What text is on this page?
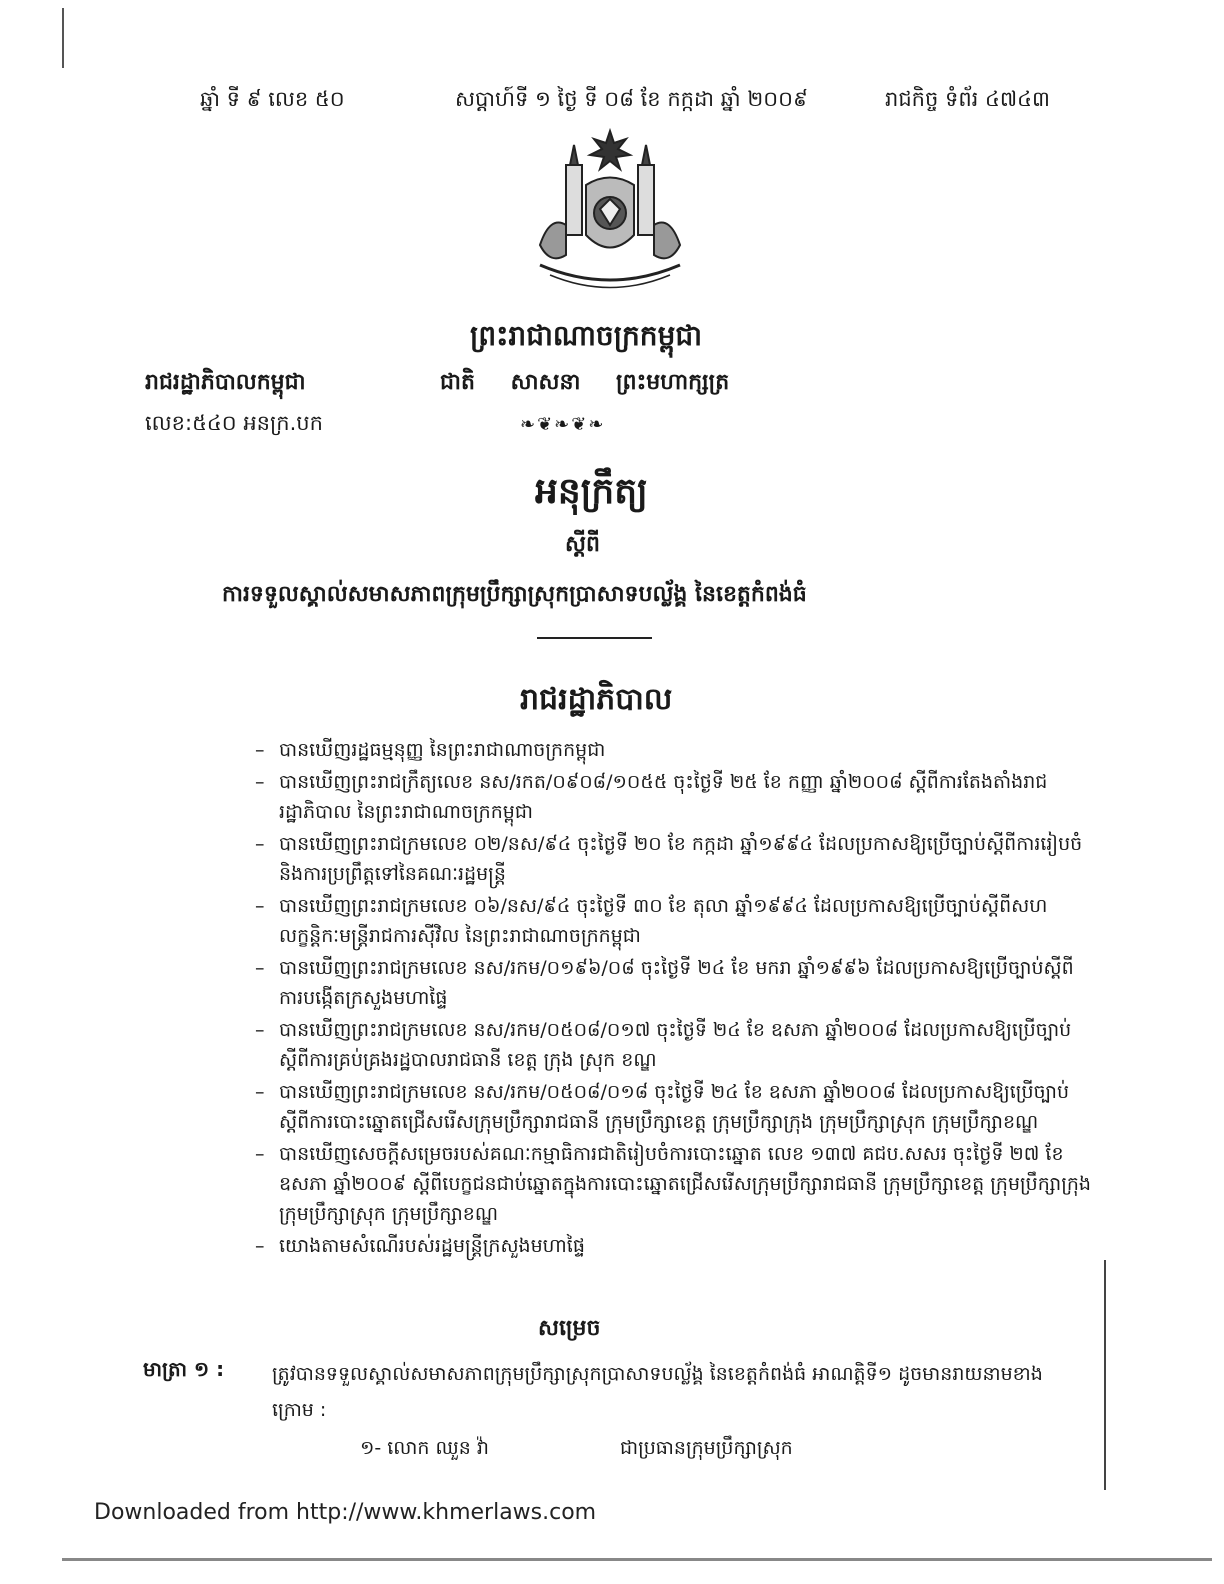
ឆ្នាំ ទី ៩ លេខ ៥០	សប្តាហ៍ទី ១ ថ្ងៃ ទី ០៨ ខែ កក្កដា ឆ្នាំ ២០០៩	រាជកិច្ច ទំព័រ ៤៧៤៣
ព្រះរាជាណាចក្រកម្ពុជា
រាជរដ្ឋាភិបាលកម្ពុជា	ជាតិ សាសនា ព្រះមហាក្សត្រ
លេខ:៥៤០ អនក្រ.បក	❧❦❧❦❧
អនុក្រឹត្យ
ស្តីពី
ការទទួលស្គាល់សមាសភាពក្រុមប្រឹក្សាស្រុកប្រាសាទបល្ល័ង្គ នៃខេត្តកំពង់ធំ
រាជរដ្ឋាភិបាល
– បានឃើញរដ្ឋធម្មនុញ្ញ នៃព្រះរាជាណាចក្រកម្ពុជា
– បានឃើញព្រះរាជក្រឹត្យលេខ នស/រកត/០៩០៨/១០៥៥ ចុះថ្ងៃទី ២៥ ខែ កញ្ញា ឆ្នាំ២០០៨ ស្តីពីការតែងតាំងរាជរដ្ឋាភិបាល នៃព្រះរាជាណាចក្រកម្ពុជា
– បានឃើញព្រះរាជក្រមលេខ ០២/នស/៩៤ ចុះថ្ងៃទី ២០ ខែ កក្កដា ឆ្នាំ១៩៩៤ ដែលប្រកាសឱ្យប្រើច្បាប់ស្តីពីការរៀបចំ និងការប្រព្រឹត្តទៅនៃគណៈរដ្ឋមន្ត្រី
– បានឃើញព្រះរាជក្រមលេខ ០៦/នស/៩៤ ចុះថ្ងៃទី ៣០ ខែ តុលា ឆ្នាំ១៩៩៤ ដែលប្រកាសឱ្យប្រើច្បាប់ស្តីពីសហលក្ខន្តិកៈមន្ត្រីរាជការស៊ីវិល នៃព្រះរាជាណាចក្រកម្ពុជា
– បានឃើញព្រះរាជក្រមលេខ នស/រកម/០១៩៦/០៨ ចុះថ្ងៃទី ២៤ ខែ មករា ឆ្នាំ១៩៩៦ ដែលប្រកាសឱ្យប្រើច្បាប់ស្តីពីការបង្កើតក្រសួងមហាផ្ទៃ
– បានឃើញព្រះរាជក្រមលេខ នស/រកម/០៥០៨/០១៧ ចុះថ្ងៃទី ២៤ ខែ ឧសភា ឆ្នាំ២០០៨ ដែលប្រកាសឱ្យប្រើច្បាប់ស្តីពីការគ្រប់គ្រងរដ្ឋបាលរាជធានី ខេត្ត ក្រុង ស្រុក ខណ្ឌ
– បានឃើញព្រះរាជក្រមលេខ នស/រកម/០៥០៨/០១៨ ចុះថ្ងៃទី ២៤ ខែ ឧសភា ឆ្នាំ២០០៨ ដែលប្រកាសឱ្យប្រើច្បាប់ស្តីពីការបោះឆ្នោតជ្រើសរើសក្រុមប្រឹក្សារាជធានី ក្រុមប្រឹក្សាខេត្ត ក្រុមប្រឹក្សាក្រុង ក្រុមប្រឹក្សាស្រុក ក្រុមប្រឹក្សាខណ្ឌ
– បានឃើញសេចក្តីសម្រេចរបស់គណៈកម្មាធិការជាតិរៀបចំការបោះឆ្នោត លេខ ១៣៧ គជប.សសរ ចុះថ្ងៃទី ២៧ ខែ ឧសភា ឆ្នាំ២០០៩ ស្តីពីបេក្ខជនជាប់ឆ្នោតក្នុងការបោះឆ្នោតជ្រើសរើសក្រុមប្រឹក្សារាជធានី ក្រុមប្រឹក្សាខេត្ត ក្រុមប្រឹក្សាក្រុង ក្រុមប្រឹក្សាស្រុក ក្រុមប្រឹក្សាខណ្ឌ
– យោងតាមសំណើរបស់រដ្ឋមន្ត្រីក្រសួងមហាផ្ទៃ
សម្រេច
មាត្រា ១ :	ត្រូវបានទទួលស្គាល់សមាសភាពក្រុមប្រឹក្សាស្រុកប្រាសាទបល្ល័ង្គ នៃខេត្តកំពង់ធំ អាណត្តិទី១ ដូចមានរាយនាមខាងក្រោម :
១- លោក ឈួន វ៉ា	ជាប្រធានក្រុមប្រឹក្សាស្រុក
Downloaded from http://www.khmerlaws.com
